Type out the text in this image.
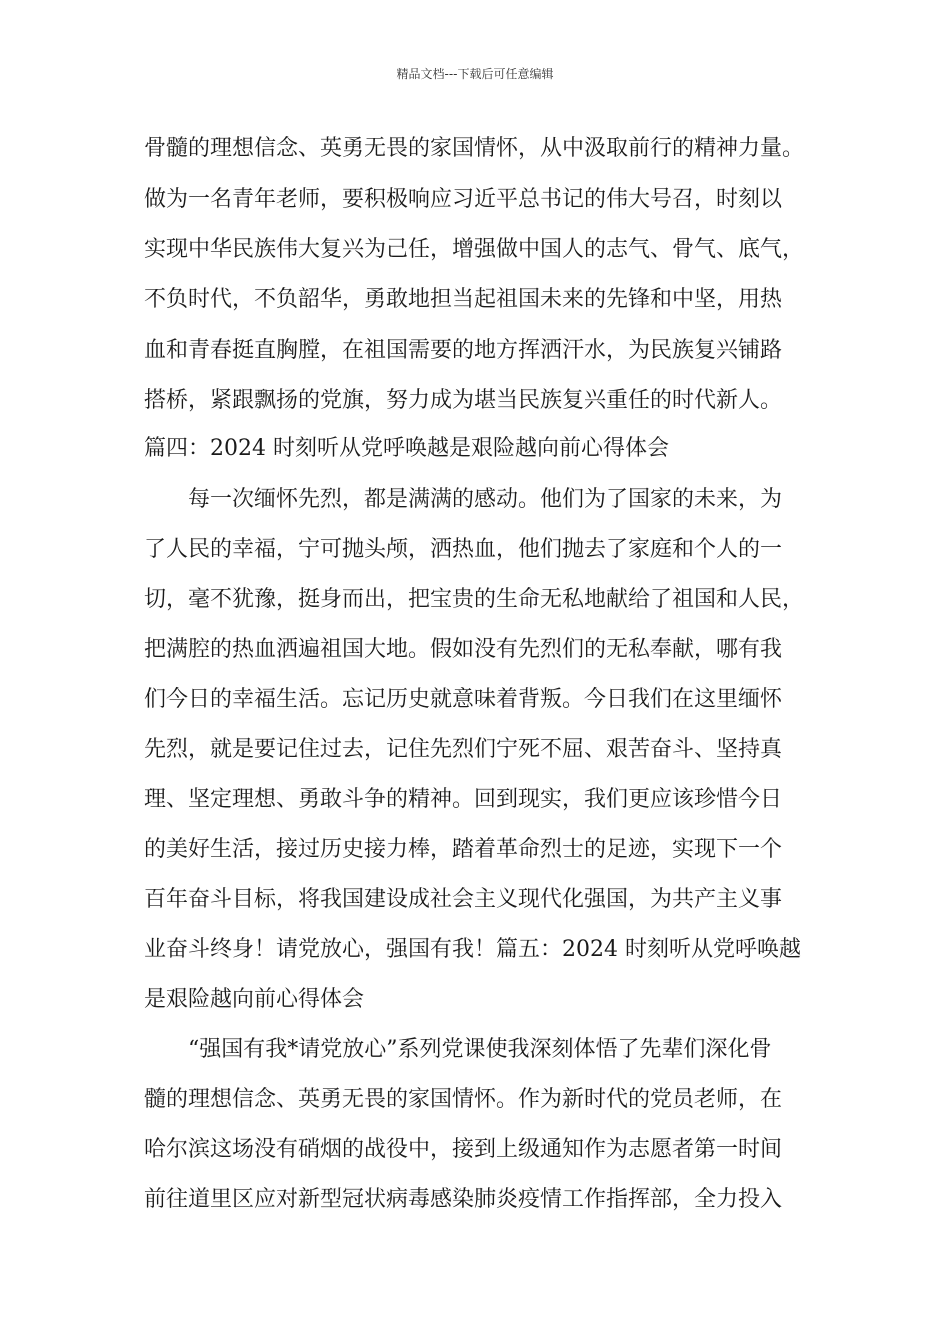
精品文档---下载后可任意编辑
骨髓的理想信念、英勇无畏的家国情怀，从中汲取前行的精神力量。
做为一名青年老师，要积极响应习近平总书记的伟大号召，时刻以
实现中华民族伟大复兴为己任，增强做中国人的志气、骨气、底气，
不负时代，不负韶华，勇敢地担当起祖国未来的先锋和中坚，用热
血和青春挺直胸膛，在祖国需要的地方挥洒汗水，为民族复兴铺路
搭桥，紧跟飘扬的党旗，努力成为堪当民族复兴重任的时代新人。
篇四：2024 时刻听从党呼唤越是艰险越向前心得体会
每一次缅怀先烈，都是满满的感动。他们为了国家的未来，为
了人民的幸福，宁可抛头颅，洒热血，他们抛去了家庭和个人的一
切，毫不犹豫，挺身而出，把宝贵的生命无私地献给了祖国和人民，
把满腔的热血洒遍祖国大地。假如没有先烈们的无私奉献，哪有我
们今日的幸福生活。忘记历史就意味着背叛。今日我们在这里缅怀
先烈，就是要记住过去，记住先烈们宁死不屈、艰苦奋斗、坚持真
理、坚定理想、勇敢斗争的精神。回到现实，我们更应该珍惜今日
的美好生活，接过历史接力棒，踏着革命烈士的足迹，实现下一个
百年奋斗目标，将我国建设成社会主义现代化强国，为共产主义事
业奋斗终身！请党放心，强国有我！篇五：2024 时刻听从党呼唤越
是艰险越向前心得体会
“强国有我*请党放心”系列党课使我深刻体悟了先辈们深化骨
髓的理想信念、英勇无畏的家国情怀。作为新时代的党员老师，在
哈尔滨这场没有硝烟的战役中，接到上级通知作为志愿者第一时间
前往道里区应对新型冠状病毒感染肺炎疫情工作指挥部，全力投入
